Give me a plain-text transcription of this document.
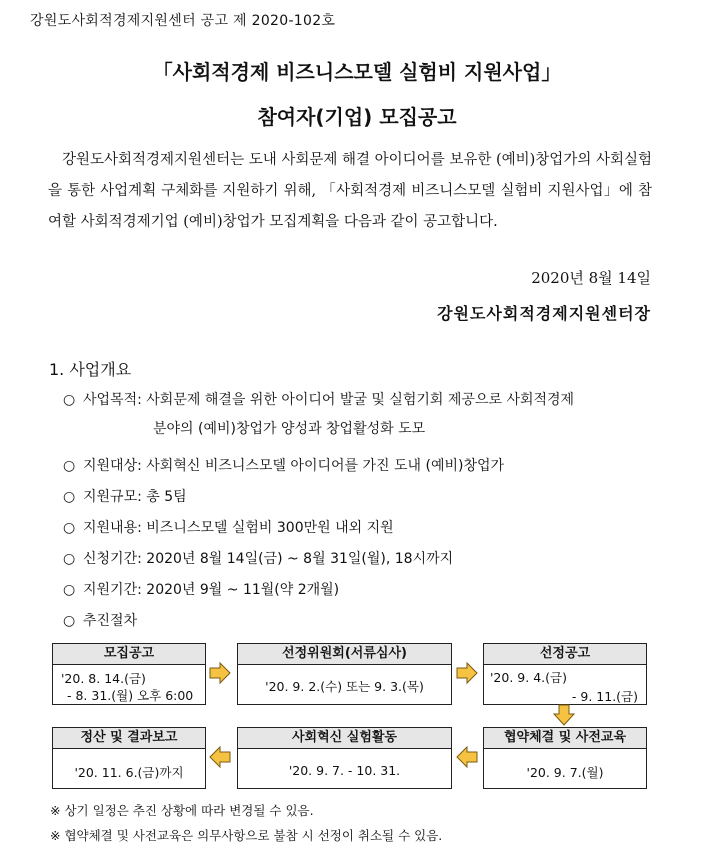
강원도사회적경제지원센터 공고 제 2020-102호
「사회적경제 비즈니스모델 실험비 지원사업」
참여자(기업) 모집공고

강원도사회적경제지원센터는 도내 사회문제 해결 아이디어를 보유한 (예비)창업가의 사회실험을 통한 사업계획 구체화를 지원하기 위해, 「사회적경제 비즈니스모델 실험비 지원사업」에 참여할 사회적경제기업 (예비)창업가 모집계획을 다음과 같이 공고합니다.

2020년 8월 14일
강원도사회적경제지원센터장
1. 사업개요
○ 사업목적: 사회문제 해결을 위한 아이디어 발굴 및 실험기회 제공으로 사회적경제
분야의 (예비)창업가 양성과 창업활성화 도모
○ 지원대상: 사회혁신 비즈니스모델 아이디어를 가진 도내 (예비)창업가
○ 지원규모: 총 5팀
○ 지원내용: 비즈니스모델 실험비 300만원 내외 지원
○ 신청기간: 2020년 8월 14일(금) ~ 8월 31일(월), 18시까지
○ 지원기간: 2020년 9월 ~ 11월(약 2개월)
○ 추진절차
모집공고
'20. 8. 14.(금)
- 8. 31.(월) 오후 6:00
선정위원회(서류심사)
'20. 9. 2.(수) 또는 9. 3.(목)
선정공고
'20. 9. 4.(금)
- 9. 11.(금)
정산 및 결과보고
'20. 11. 6.(금)까지
사회혁신 실험활동
'20. 9. 7. - 10. 31.
협약체결 및 사전교육
'20. 9. 7.(월)
※ 상기 일정은 추진 상황에 따라 변경될 수 있음.
※ 협약체결 및 사전교육은 의무사항으로 불참 시 선정이 취소될 수 있음.
